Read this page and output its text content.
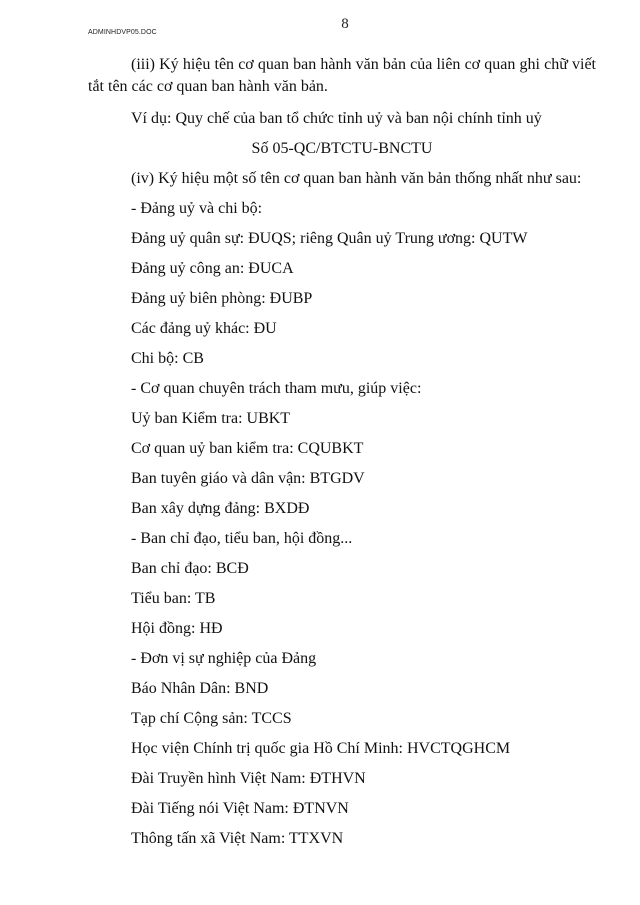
ADMINHDVP05.DOC
8

(iii) Ký hiệu tên cơ quan ban hành văn bản của liên cơ quan ghi chữ viết tắt tên các cơ quan ban hành văn bản.

Ví dụ: Quy chế của ban tổ chức tỉnh uỷ và ban nội chính tỉnh uỷ
Số 05-QC/BTCTU-BNCTU
(iv) Ký hiệu một số tên cơ quan ban hành văn bản thống nhất như sau:
- Đảng uỷ và chi bộ:
Đảng uỷ quân sự: ĐUQS; riêng Quân uỷ Trung ương: QUTW
Đảng uỷ công an: ĐUCA
Đảng uỷ biên phòng: ĐUBP
Các đảng uỷ khác: ĐU
Chi bộ: CB
- Cơ quan chuyên trách tham mưu, giúp việc:
Uỷ ban Kiểm tra: UBKT
Cơ quan uỷ ban kiểm tra: CQUBKT
Ban tuyên giáo và dân vận: BTGDV
Ban xây dựng đảng: BXDĐ
- Ban chỉ đạo, tiểu ban, hội đồng...
Ban chỉ đạo: BCĐ
Tiểu ban: TB
Hội đồng: HĐ
- Đơn vị sự nghiệp của Đảng
Báo Nhân Dân: BND
Tạp chí Cộng sản: TCCS
Học viện Chính trị quốc gia Hồ Chí Minh: HVCTQGHCM
Đài Truyền hình Việt Nam: ĐTHVN
Đài Tiếng nói Việt Nam: ĐTNVN
Thông tấn xã Việt Nam: TTXVN
